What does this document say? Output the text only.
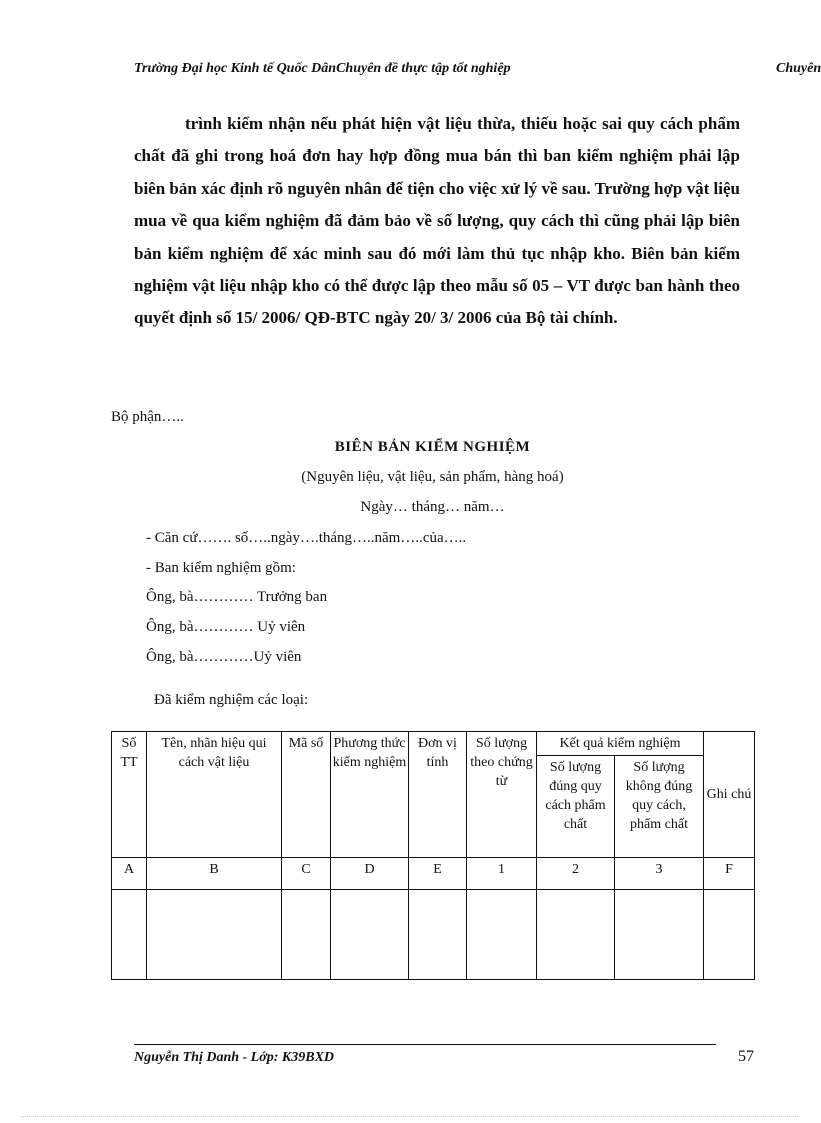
Trường Đại học Kinh tế Quốc DânChuyên đề thực tập tốt nghiệp	Chuyên

trình kiểm nhận nếu phát hiện vật liệu thừa, thiếu hoặc sai quy cách phẩm chất đã ghi trong hoá đơn hay hợp đồng mua bán thì ban kiểm nghiệm phải lập biên bản xác định rõ nguyên nhân để tiện cho việc xử lý về sau. Trường hợp vật liệu mua về qua kiểm nghiệm đã đảm bảo về số lượng, quy cách thì cũng phải lập biên bản kiểm nghiệm để xác minh sau đó mới làm thủ tục nhập kho. Biên bản kiểm nghiệm vật liệu nhập kho có thể được lập theo mẫu số 05 – VT được ban hành theo quyết định số 15/ 2006/ QĐ-BTC ngày 20/ 3/ 2006 của Bộ tài chính.

Bộ phận…..
BIÊN BẢN KIỂM NGHIỆM
(Nguyên liệu, vật liệu, sản phẩm, hàng hoá)
Ngày… tháng… năm…
- Căn cứ……. số…..ngày….tháng…..năm…..của…..
- Ban kiểm nghiệm gồm:
Ông, bà………… Trưởng ban
Ông, bà………… Uỷ viên
Ông, bà…………Uỷ viên
Đã kiểm nghiệm các loại:
Số TT	Tên, nhãn hiệu qui cách vật liệu	Mã số	Phương thức kiểm nghiệm	Đơn vị tính	Số lượng theo chứng từ	Kết quả kiểm nghiệm		Ghi chú
						Số lượng đúng quy cách phẩm chất	Số lượng không đúng quy cách, phẩm chất	
A	B	C	D	E	1	2	3	F

Nguyễn Thị Danh - Lớp: K39BXD	57
